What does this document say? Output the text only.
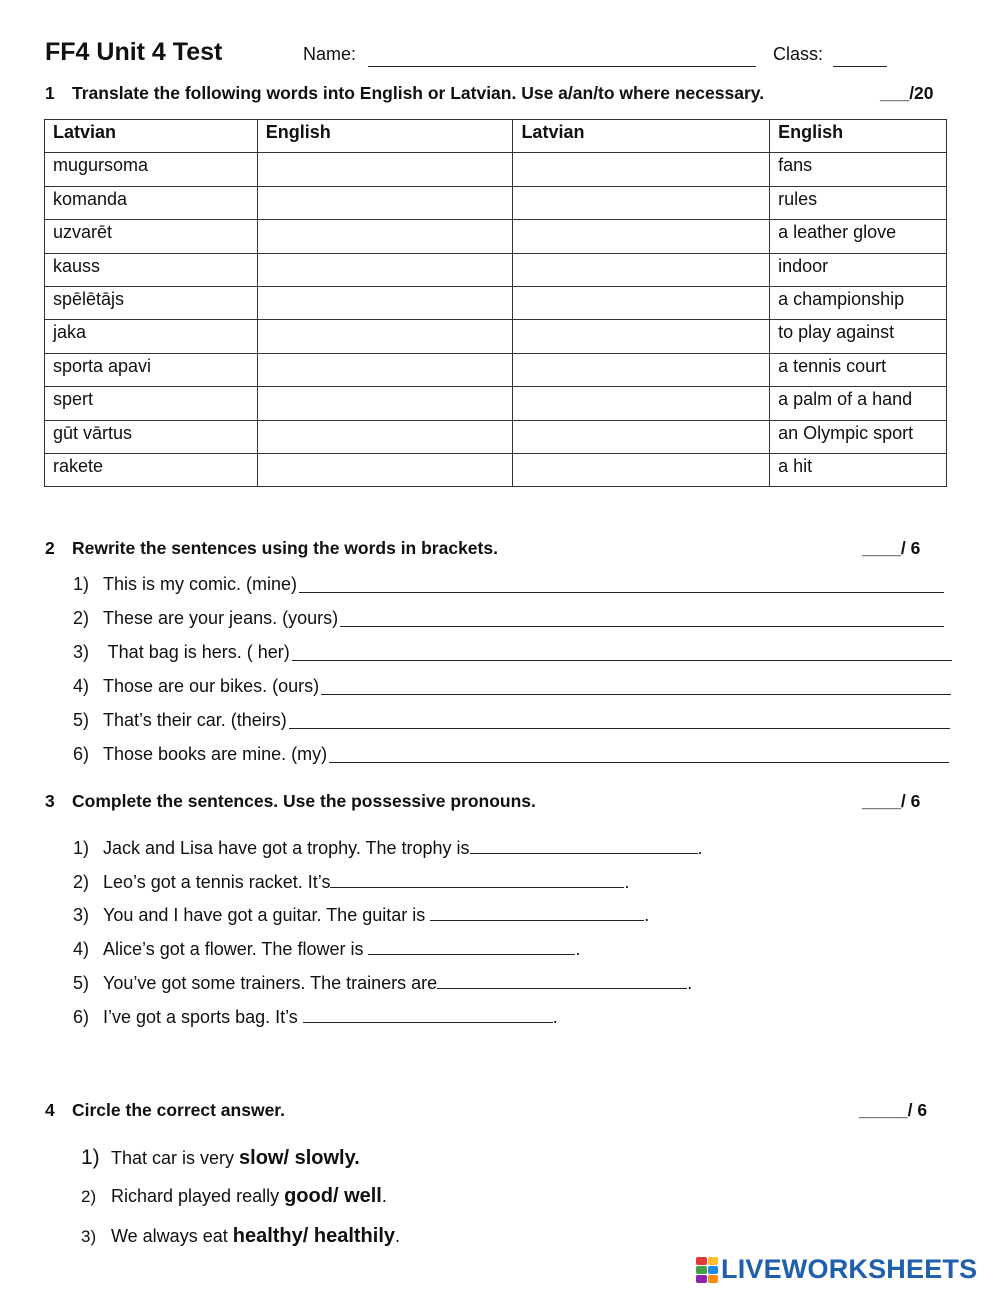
FF4 Unit 4 Test	Name:	Class:
1 Translate the following words into English or Latvian. Use a/an/to where necessary.	___/20
Latvian	English	Latvian	English
mugursoma			fans
komanda			rules
uzvarēt			a leather glove
kauss			indoor
spēlētājs			a championship
jaka			to play against
sporta apavi			a tennis court
spert			a palm of a hand
gūt vārtus			an Olympic sport
rakete			a hit
2 Rewrite the sentences using the words in brackets.	____/ 6
1) This is my comic. (mine)
2) These are your jeans. (yours)
3) That bag is hers. ( her)
4) Those are our bikes. (ours)
5) That’s their car. (theirs)
6) Those books are mine. (my)
3 Complete the sentences. Use the possessive pronouns.	____/ 6
1) Jack and Lisa have got a trophy. The trophy is	.
2) Leo’s got a tennis racket. It’s	.
3) You and I have got a guitar. The guitar is	.
4) Alice’s got a flower. The flower is	.
5) You’ve got some trainers. The trainers are	.
6) I’ve got a sports bag. It’s	.
4 Circle the correct answer.	_____/ 6
1) That car is very slow/ slowly.
2) Richard played really good/ well.
3) We always eat healthy/ healthily.
LIVEWORKSHEETS
